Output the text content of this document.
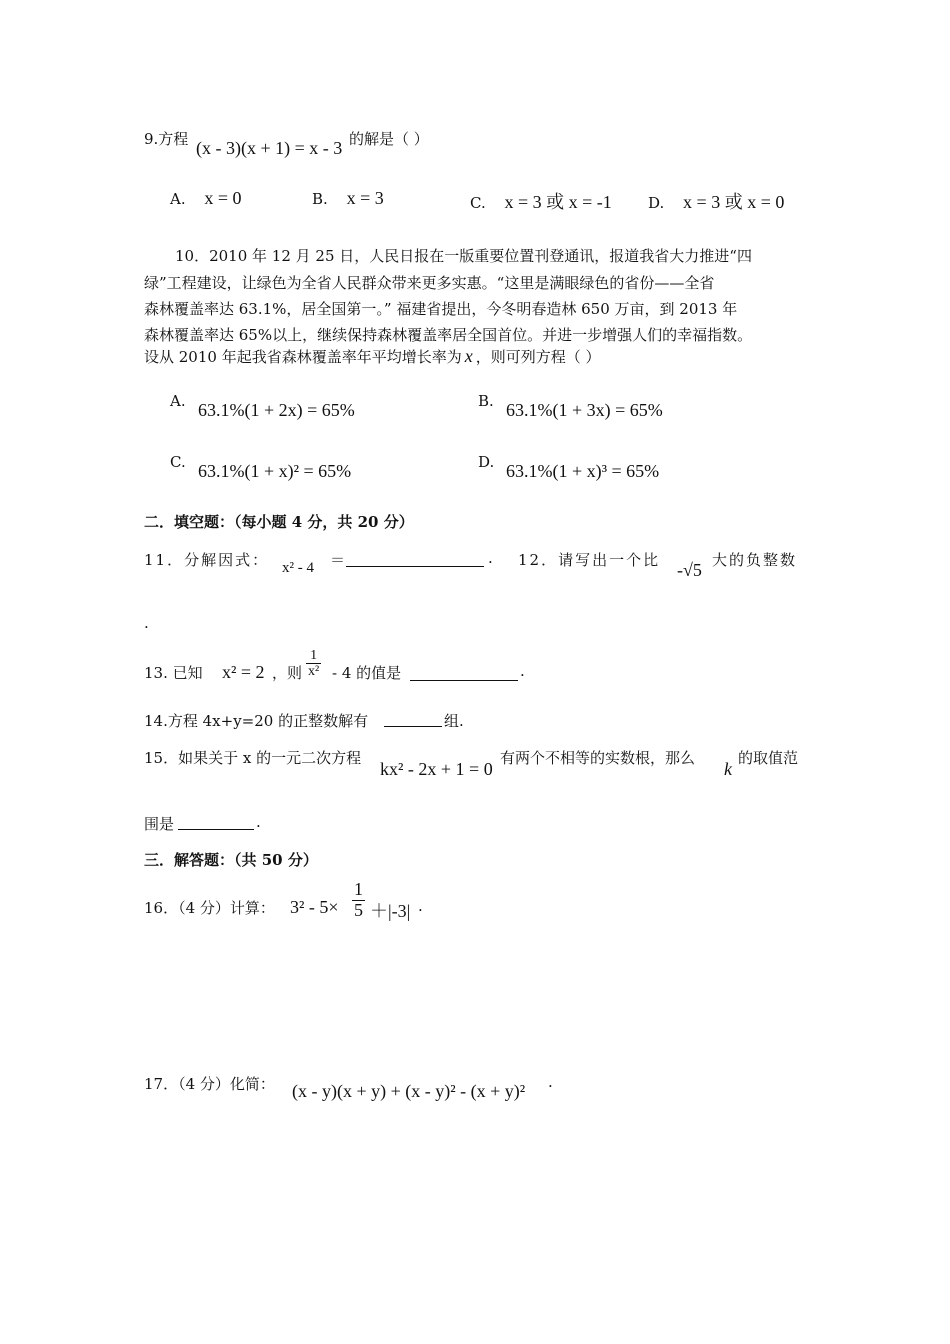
9.方程 (x - 3)(x + 1) = x - 3 的解是（ ）
A. x = 0	B. x = 3	C. x = 3 或 x = -1 D. x = 3 或 x = 0
10．2010 年 12 月 25 日，人民日报在一版重要位置刊登通讯，报道我省大力推进“四
绿”工程建设，让绿色为全省人民群众带来更多实惠。“这里是满眼绿色的省份——全省
森林覆盖率达 63.1%，居全国第一。” 福建省提出，今冬明春造林 650 万亩，到 2013 年
森林覆盖率达 65%以上，继续保持森林覆盖率居全国首位。并进一步增强人们的幸福指数。
设从 2010 年起我省森林覆盖率年平均增长率为 x ，则可列方程（ ）
A. 63.1%(1 + 2x) = 65%	B. 63.1%(1 + 3x) = 65%
C. 63.1%(1 + x)² = 65%	D. 63.1%(1 + x)³ = 65%
二．填空题：（每小题 4 分，共 20 分）
11．分解因式： x² - 4 ＝	. 12．请写出一个比 -√5 大的负整数
.
13. 已知 x² = 2 ，则 $\frac{1}{\text{x²}} - 4$ 的值是	.
14.方程 4x+y=20 的正整数解有	组.
15．如果关于 x 的一元二次方程
kx² - 2x + 1 = 0
有两个不相等的实数根，那么
k
的取值范
围是	.
三．解答题：（共 50 分）
16．（4 分）计算： $3^2 - 5\times \frac{1}{5} +|-3|$ .
17．（4 分）化简： (x - y)(x + y) + (x - y)² - (x + y)² .
